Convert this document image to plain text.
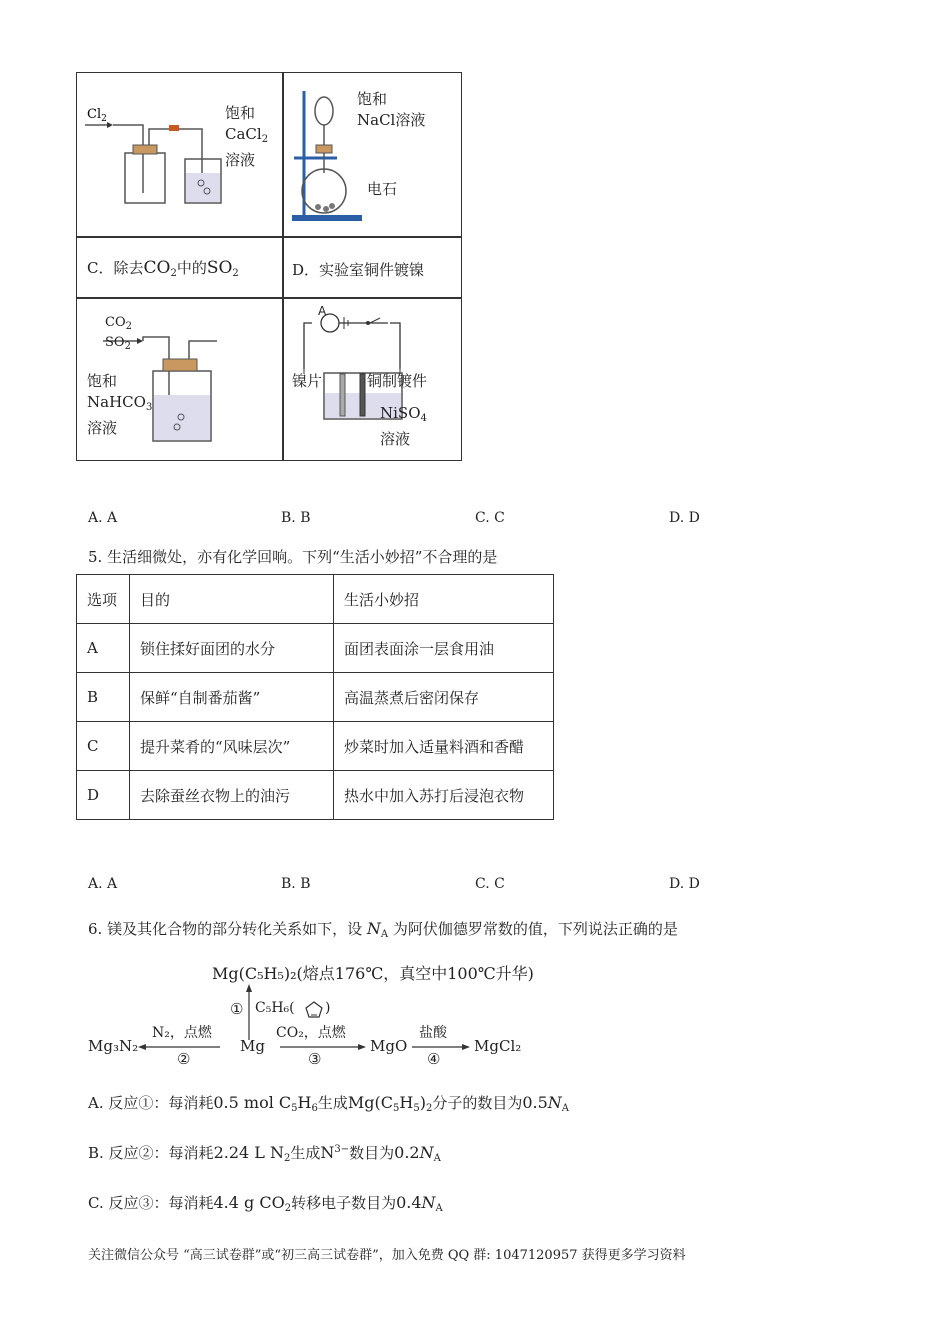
$Cl_2$	饱和
CaCl$_2$
溶液
饱和
NaCl溶液
电石
C．除去$CO_2$中的$SO_2$	D．实验室铜件镀镍
$CO_2$
$SO_2$
饱和
NaHCO$_3$
溶液
A
镍片	铜制镀件
NiSO$_4$
溶液
A. A	B. B	C. C	D. D
5. 生活细微处，亦有化学回响。下列“生活小妙招”不合理的是
选项	目的	生活小妙招
A	锁住揉好面团的水分	面团表面涂一层食用油
B	保鲜“自制番茄酱”	高温蒸煮后密闭保存
C	提升菜肴的“风味层次”	炒菜时加入适量料酒和香醋
D	去除蚕丝衣物上的油污	热水中加入苏打后浸泡衣物
A. A	B. B	C. C	D. D
6. 镁及其化合物的部分转化关系如下，设 $N_A$ 为阿伏伽德罗常数的值，下列说法正确的是
Mg(C₅H₅)₂(熔点176℃，真空中100℃升华)
① C₅H₆( )
Mg₃N₂
N₂，点燃
②
Mg
CO₂，点燃
③
MgO
盐酸
④
MgCl₂
A. 反应①：每消耗0.5 mol $C_5H_6$生成$Mg(C_5H_5)_2$分子的数目为$0.5N_A$
B. 反应②：每消耗2.24 L $N_2$生成$N^{3-}$数目为$0.2N_A$
C. 反应③：每消耗4.4 g $CO_2$转移电子数目为$0.4N_A$
关注微信公众号 “高三试卷群”或“初三高三试卷群”，加入免费 QQ 群: 1047120957 获得更多学习资料
